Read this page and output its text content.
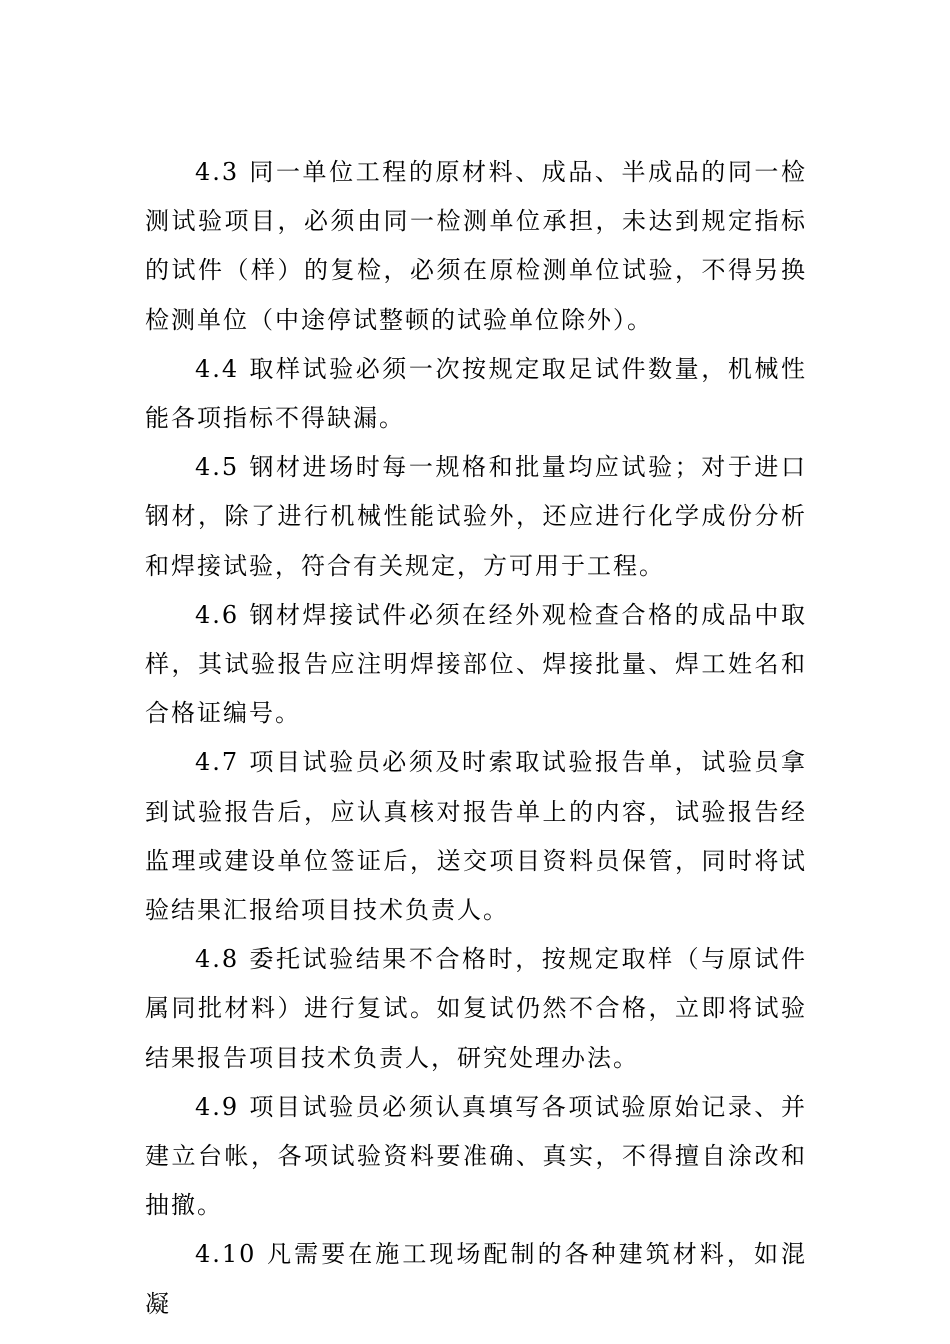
4.3 同一单位工程的原材料、成品、半成品的同一检测试验项目，必须由同一检测单位承担，未达到规定指标的试件（样）的复检，必须在原检测单位试验，不得另换检测单位（中途停试整顿的试验单位除外）。

4.4 取样试验必须一次按规定取足试件数量，机械性能各项指标不得缺漏。

4.5 钢材进场时每一规格和批量均应试验；对于进口钢材，除了进行机械性能试验外，还应进行化学成份分析和焊接试验，符合有关规定，方可用于工程。

4.6 钢材焊接试件必须在经外观检查合格的成品中取样，其试验报告应注明焊接部位、焊接批量、焊工姓名和合格证编号。

4.7 项目试验员必须及时索取试验报告单，试验员拿到试验报告后，应认真核对报告单上的内容，试验报告经监理或建设单位签证后，送交项目资料员保管，同时将试验结果汇报给项目技术负责人。

4.8 委托试验结果不合格时，按规定取样（与原试件属同批材料）进行复试。如复试仍然不合格，立即将试验结果报告项目技术负责人，研究处理办法。

4.9 项目试验员必须认真填写各项试验原始记录、并建立台帐，各项试验资料要准确、真实，不得擅自涂改和抽撤。

4.10 凡需要在施工现场配制的各种建筑材料，如混凝
